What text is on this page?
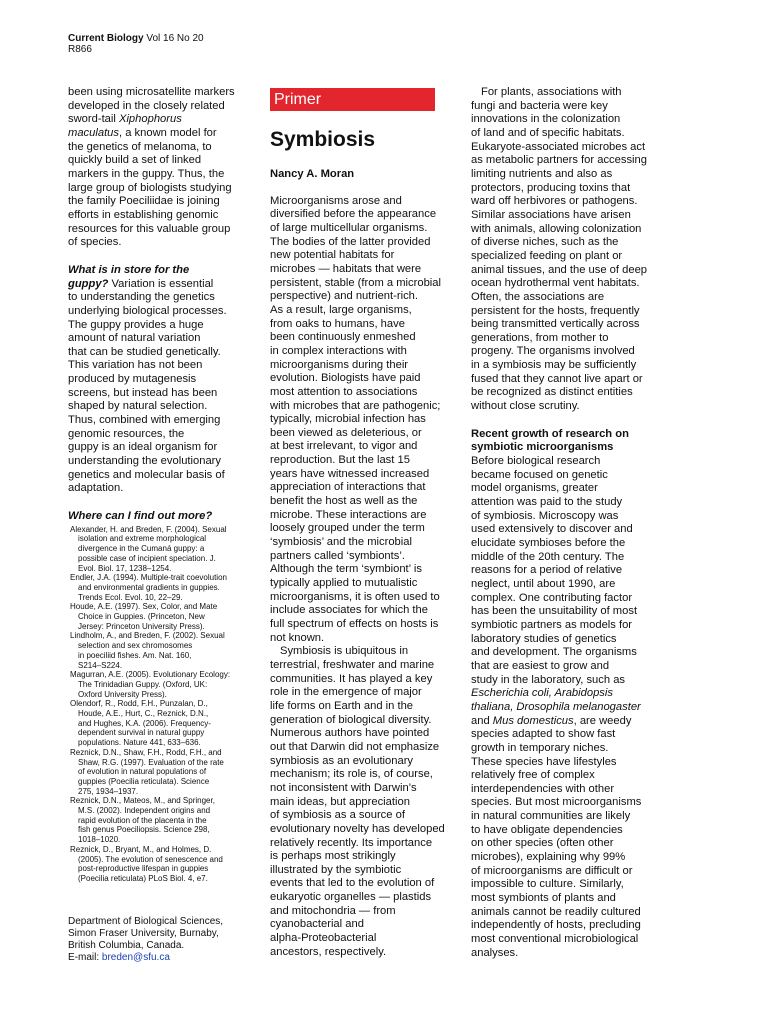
Current Biology Vol 16 No 20
R866

been using microsatellite markers
developed in the closely related
sword-tail Xiphophorus
maculatus, a known model for
the genetics of melanoma, to
quickly build a set of linked
markers in the guppy. Thus, the
large group of biologists studying
the family Poeciliidae is joining
efforts in establishing genomic
resources for this valuable group
of species.

What is in store for the
guppy? Variation is essential
to understanding the genetics
underlying biological processes.
The guppy provides a huge
amount of natural variation
that can be studied genetically.
This variation has not been
produced by mutagenesis
screens, but instead has been
shaped by natural selection.
Thus, combined with emerging
genomic resources, the
guppy is an ideal organism for
understanding the evolutionary
genetics and molecular basis of
adaptation.

Where can I find out more?

Alexander, H. and Breden, F. (2004). Sexual
isolation and extreme morphological
divergence in the Cumaná guppy: a
possible case of incipient speciation. J.
Evol. Biol. 17, 1238–1254.

Endler, J.A. (1994). Multiple-trait coevolution
and environmental gradients in guppies.
Trends Ecol. Evol. 10, 22–29.

Houde, A.E. (1997). Sex, Color, and Mate
Choice in Guppies. (Princeton, New
Jersey: Princeton University Press).

Lindholm, A., and Breden, F. (2002). Sexual
selection and sex chromosomes
in poeciliid fishes. Am. Nat. 160,
S214–S224.

Magurran, A.E. (2005). Evolutionary Ecology:
The Trinidadian Guppy. (Oxford, UK:
Oxford University Press).

Olendorf, R., Rodd, F.H., Punzalan, D.,
Houde, A.E., Hurt, C., Reznick, D.N.,
and Hughes, K.A. (2006). Frequency-
dependent survival in natural guppy
populations. Nature 441, 633–636.

Reznick, D.N., Shaw, F.H., Rodd, F.H., and
Shaw, R.G. (1997). Evaluation of the rate
of evolution in natural populations of
guppies (Poecilia reticulata). Science
275, 1934–1937.

Reznick, D.N., Mateos, M., and Springer,
M.S. (2002). Independent origins and
rapid evolution of the placenta in the
fish genus Poeciliopsis. Science 298,
1018–1020.

Reznick, D., Bryant, M., and Holmes, D.
(2005). The evolution of senescence and
post-reproductive lifespan in guppies
(Poecilia reticulata) PLoS Biol. 4, e7.

Department of Biological Sciences,
Simon Fraser University, Burnaby,
British Columbia, Canada.

E-mail: breden@sfu.ca
Primer
Symbiosis
Nancy A. Moran

Microorganisms arose and
diversified before the appearance
of large multicellular organisms.
The bodies of the latter provided
new potential habitats for
microbes — habitats that were
persistent, stable (from a microbial
perspective) and nutrient-rich.
As a result, large organisms,
from oaks to humans, have
been continuously enmeshed
in complex interactions with
microorganisms during their
evolution. Biologists have paid
most attention to associations
with microbes that are pathogenic;
typically, microbial infection has
been viewed as deleterious, or
at best irrelevant, to vigor and
reproduction. But the last 15
years have witnessed increased
appreciation of interactions that
benefit the host as well as the
microbe. These interactions are
loosely grouped under the term
‘symbiosis’ and the microbial
partners called ‘symbionts’.
Although the term ‘symbiont’ is
typically applied to mutualistic
microorganisms, it is often used to
include associates for which the
full spectrum of effects on hosts is
not known.

Symbiosis is ubiquitous in
terrestrial, freshwater and marine
communities. It has played a key
role in the emergence of major
life forms on Earth and in the
generation of biological diversity.
Numerous authors have pointed
out that Darwin did not emphasize
symbiosis as an evolutionary
mechanism; its role is, of course,
not inconsistent with Darwin’s
main ideas, but appreciation
of symbiosis as a source of
evolutionary novelty has developed
relatively recently. Its importance
is perhaps most strikingly
illustrated by the symbiotic
events that led to the evolution of
eukaryotic organelles — plastids
and mitochondria — from
cyanobacterial and
alpha-Proteobacterial
ancestors, respectively.

For plants, associations with
fungi and bacteria were key
innovations in the colonization
of land and of specific habitats.
Eukaryote-associated microbes act
as metabolic partners for accessing
limiting nutrients and also as
protectors, producing toxins that
ward off herbivores or pathogens.
Similar associations have arisen
with animals, allowing colonization
of diverse niches, such as the
specialized feeding on plant or
animal tissues, and the use of deep
ocean hydrothermal vent habitats.
Often, the associations are
persistent for the hosts, frequently
being transmitted vertically across
generations, from mother to
progeny. The organisms involved
in a symbiosis may be sufficiently
fused that they cannot live apart or
be recognized as distinct entities
without close scrutiny.

Recent growth of research on
symbiotic microorganisms

Before biological research
became focused on genetic
model organisms, greater
attention was paid to the study
of symbiosis. Microscopy was
used extensively to discover and
elucidate symbioses before the
middle of the 20th century. The
reasons for a period of relative
neglect, until about 1990, are
complex. One contributing factor
has been the unsuitability of most
symbiotic partners as models for
laboratory studies of genetics
and development. The organisms
that are easiest to grow and
study in the laboratory, such as
Escherichia coli, Arabidopsis
thaliana, Drosophila melanogaster
and Mus domesticus, are weedy
species adapted to show fast
growth in temporary niches.
These species have lifestyles
relatively free of complex
interdependencies with other
species. But most microorganisms
in natural communities are likely
to have obligate dependencies
on other species (often other
microbes), explaining why 99%
of microorganisms are difficult or
impossible to culture. Similarly,
most symbionts of plants and
animals cannot be readily cultured
independently of hosts, precluding
most conventional microbiological
analyses.
